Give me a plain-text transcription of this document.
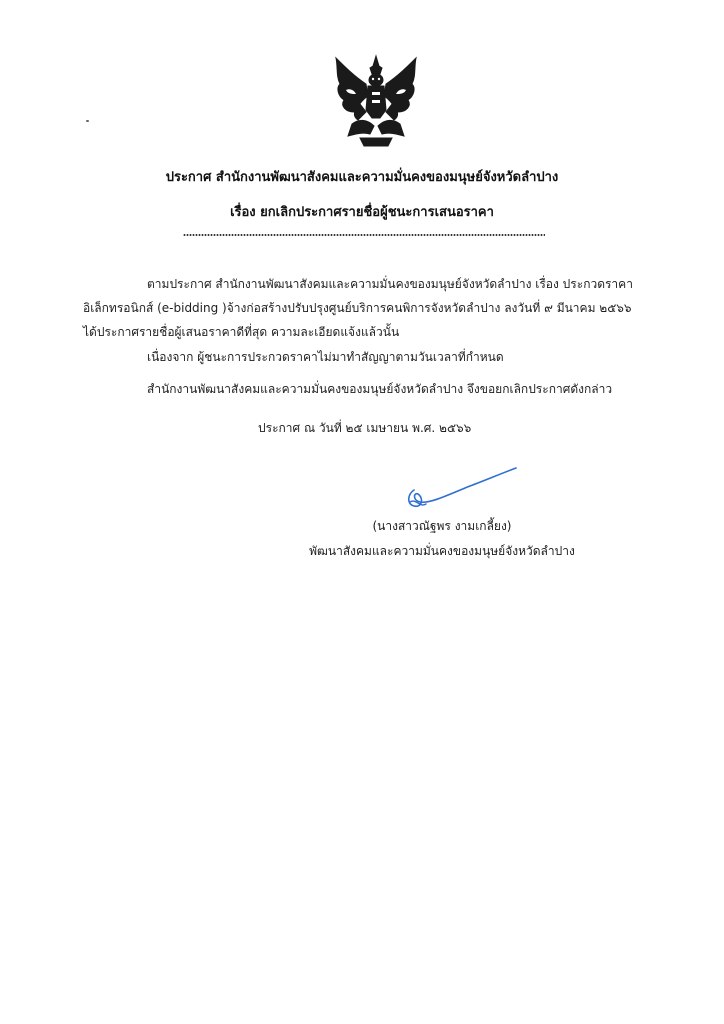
ประกาศ สำนักงานพัฒนาสังคมและความมั่นคงของมนุษย์จังหวัดลำปาง
เรื่อง ยกเลิกประกาศรายชื่อผู้ชนะการเสนอราคา
ตามประกาศ สำนักงานพัฒนาสังคมและความมั่นคงของมนุษย์จังหวัดลำปาง เรื่อง ประกวดราคา
อิเล็กทรอนิกส์ (e-bidding )จ้างก่อสร้างปรับปรุงศูนย์บริการคนพิการจังหวัดลำปาง ลงวันที่ ๙ มีนาคม ๒๕๖๖
ได้ประกาศรายชื่อผู้เสนอราคาดีที่สุด ความละเอียดแจ้งแล้วนั้น
เนื่องจาก ผู้ชนะการประกวดราคาไม่มาทำสัญญาตามวันเวลาที่กำหนด
สำนักงานพัฒนาสังคมและความมั่นคงของมนุษย์จังหวัดลำปาง จึงขอยกเลิกประกาศดังกล่าว
ประกาศ ณ วันที่ ๒๕ เมษายน พ.ศ. ๒๕๖๖
(นางสาวณัฐพร งามเกลี้ยง)
พัฒนาสังคมและความมั่นคงของมนุษย์จังหวัดลำปาง
